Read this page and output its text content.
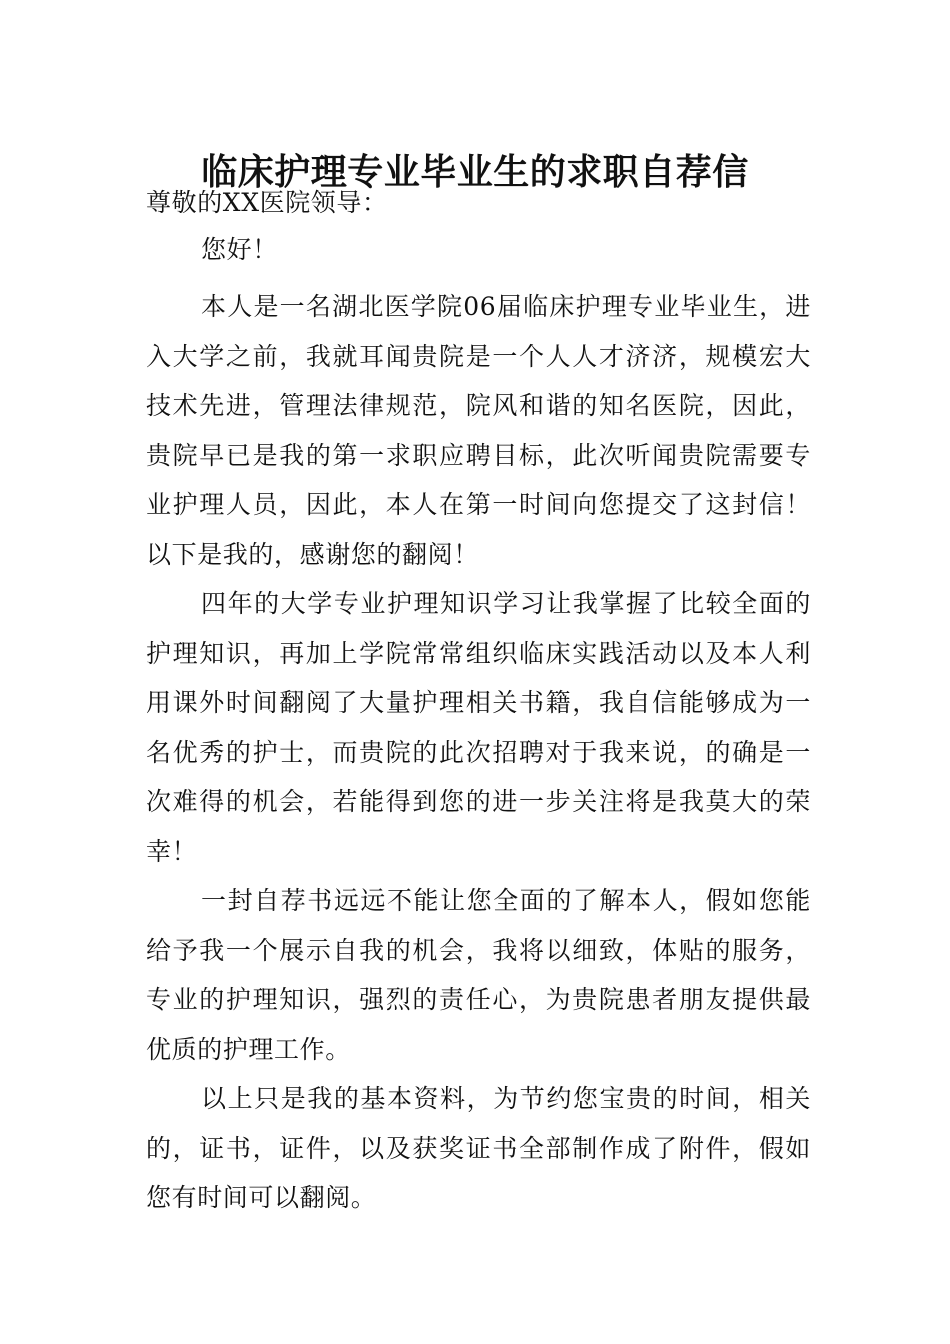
临床护理专业毕业生的求职自荐信

尊敬的XX医院领导：

您好！

本人是一名湖北医学院06届临床护理专业毕业生，进入大学之前，我就耳闻贵院是一个人人才济济，规模宏大技术先进，管理法律规范，院风和谐的知名医院，因此，贵院早已是我的第一求职应聘目标，此次听闻贵院需要专业护理人员，因此，本人在第一时间向您提交了这封信！以下是我的，感谢您的翻阅！

四年的大学专业护理知识学习让我掌握了比较全面的护理知识，再加上学院常常组织临床实践活动以及本人利用课外时间翻阅了大量护理相关书籍，我自信能够成为一名优秀的护士，而贵院的此次招聘对于我来说，的确是一次难得的机会，若能得到您的进一步关注将是我莫大的荣幸！

一封自荐书远远不能让您全面的了解本人，假如您能给予我一个展示自我的机会，我将以细致，体贴的服务，专业的护理知识，强烈的责任心，为贵院患者朋友提供最优质的护理工作。

以上只是我的基本资料，为节约您宝贵的时间，相关的，证书，证件，以及获奖证书全部制作成了附件，假如您有时间可以翻阅。
